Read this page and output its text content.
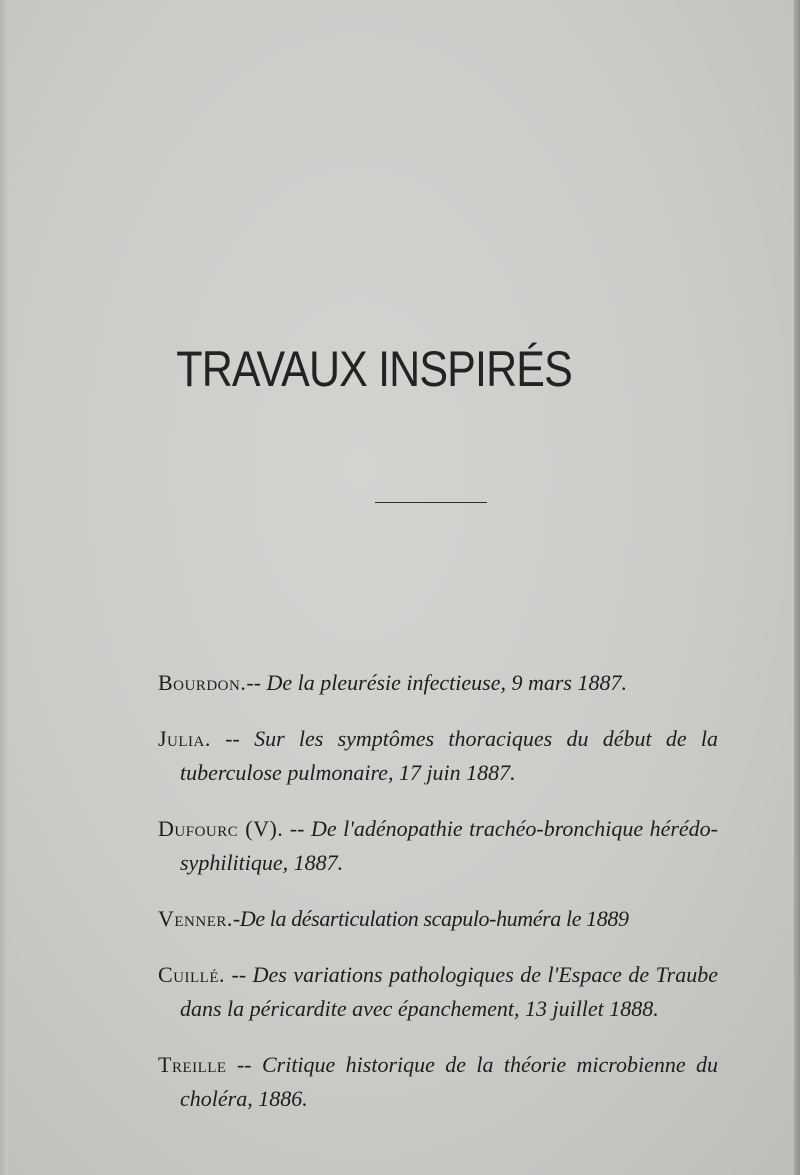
TRAVAUX INSPIRÉS

Bourdon.-- De la pleurésie infectieuse, 9 mars 1887.

Julia. -- Sur les symptômes thoraciques du début de la tuberculose pulmonaire, 17 juin 1887.

Dufourc (V). -- De l'adénopathie trachéo-bronchique hérédo-syphilitique, 1887.

Venner.-De la désarticulation scapulo-huméra le 1889

Cuillé. -- Des variations pathologiques de l'Espace de Traube dans la péricardite avec épanchement, 13 juillet 1888.

Treille -- Critique historique de la théorie microbienne du choléra, 1886.
